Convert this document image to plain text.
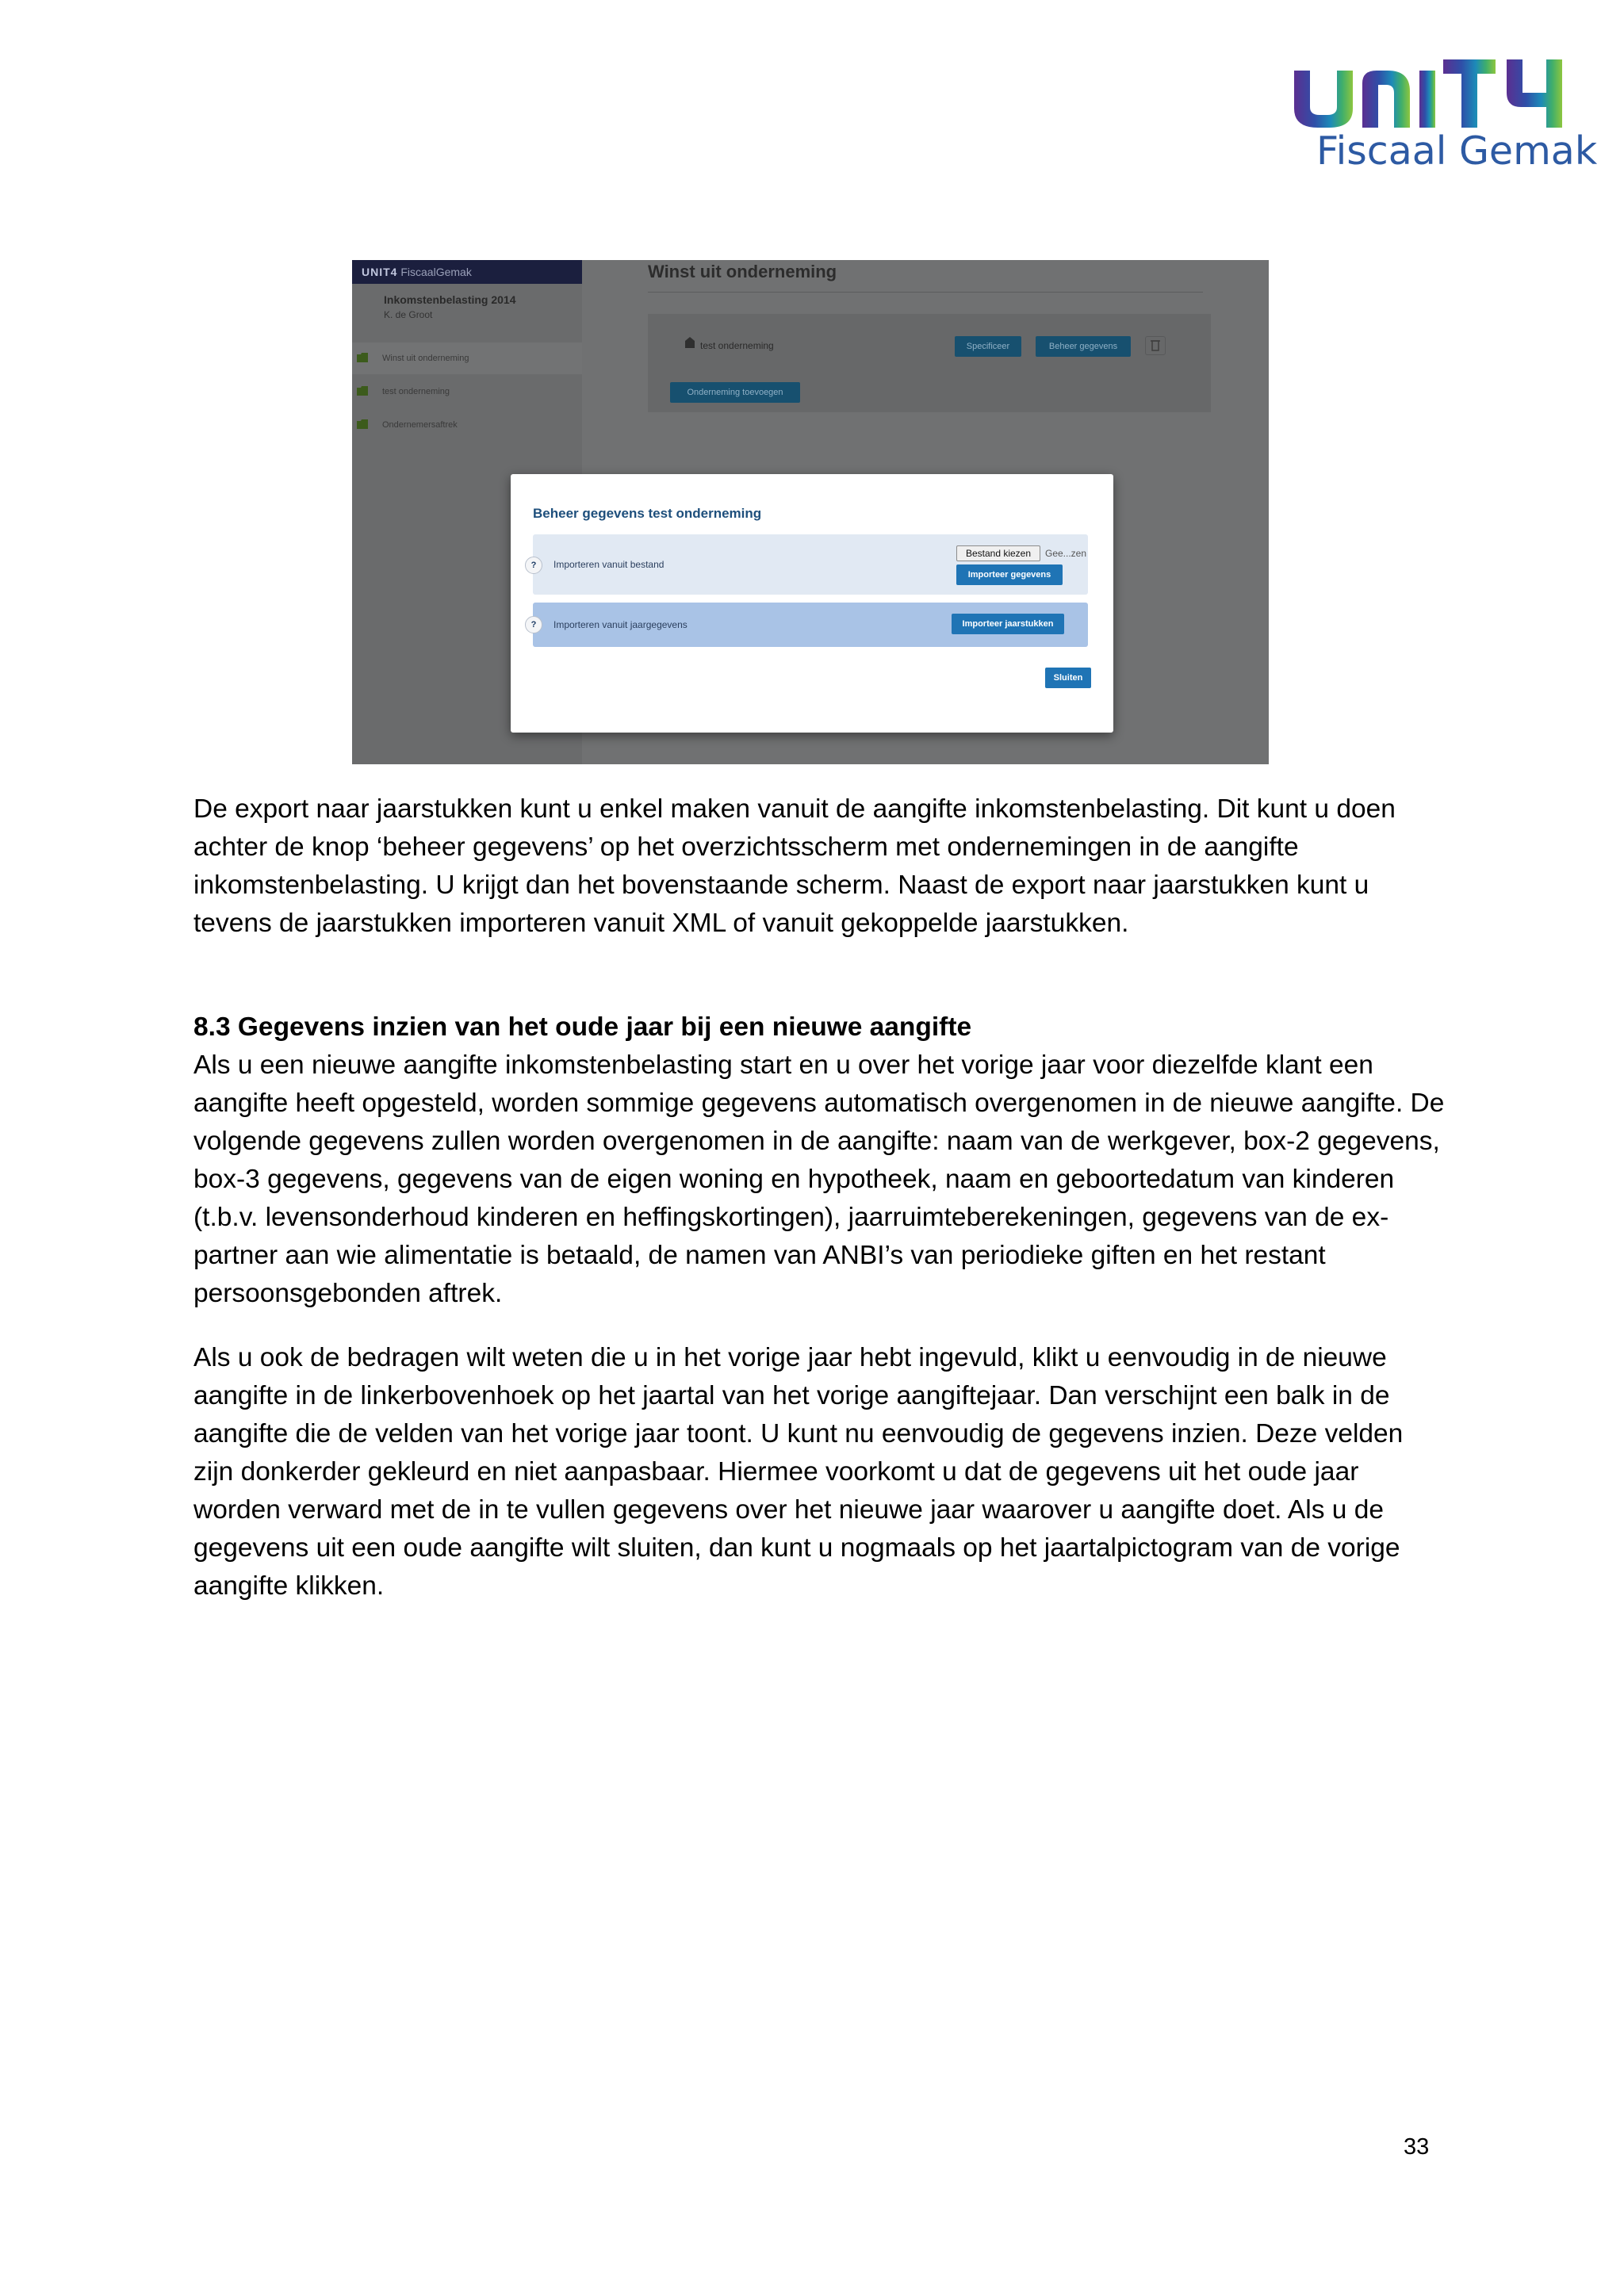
Fiscaal Gemak
UNIT4 FiscaalGemak
Inkomstenbelasting 2014
K. de Groot
Winst uit onderneming
test onderneming
Ondernemersaftrek
Winst uit onderneming
test onderneming	Specificeer	Beheer gegevens
Onderneming toevoegen
Beheer gegevens test onderneming
?	Importeren vanuit bestand
Bestand kiezen	Gee...zen
Importeer gegevens
?	Importeren vanuit jaargegevens	Importeer jaarstukken
Sluiten

De export naar jaarstukken kunt u enkel maken vanuit de aangifte inkomstenbelasting. Dit kunt u doen achter de knop ‘beheer gegevens’ op het overzichtsscherm met ondernemingen in de aangifte inkomstenbelasting. U krijgt dan het bovenstaande scherm. Naast de export naar jaarstukken kunt u tevens de jaarstukken importeren vanuit XML of vanuit gekoppelde jaarstukken.

8.3 Gegevens inzien van het oude jaar bij een nieuwe aangifte

Als u een nieuwe aangifte inkomstenbelasting start en u over het vorige jaar voor diezelfde klant een aangifte heeft opgesteld, worden sommige gegevens automatisch overgenomen in de nieuwe aangifte. De volgende gegevens zullen worden overgenomen in de aangifte: naam van de werkgever, box-2 gegevens, box-3 gegevens, gegevens van de eigen woning en hypotheek, naam en geboortedatum van kinderen (t.b.v. levensonderhoud kinderen en heffingskortingen), jaarruimteberekeningen, gegevens van de ex-partner aan wie alimentatie is betaald, de namen van ANBI’s van periodieke giften en het restant persoonsgebonden aftrek.

Als u ook de bedragen wilt weten die u in het vorige jaar hebt ingevuld, klikt u eenvoudig in de nieuwe aangifte in de linkerbovenhoek op het jaartal van het vorige aangiftejaar. Dan verschijnt een balk in de aangifte die de velden van het vorige jaar toont. U kunt nu eenvoudig de gegevens inzien. Deze velden zijn donkerder gekleurd en niet aanpasbaar. Hiermee voorkomt u dat de gegevens uit het oude jaar worden verward met de in te vullen gegevens over het nieuwe jaar waarover u aangifte doet. Als u de gegevens uit een oude aangifte wilt sluiten, dan kunt u nogmaals op het jaartalpictogram van de vorige aangifte klikken.

33
